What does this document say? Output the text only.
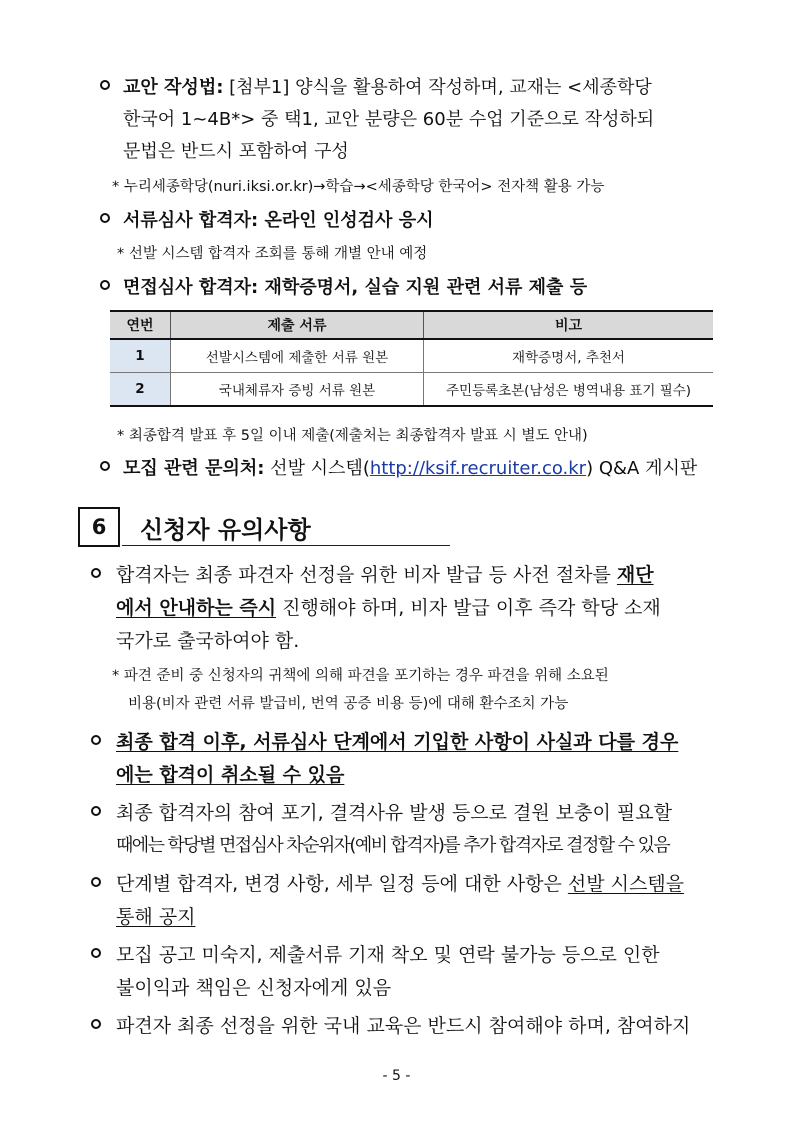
교안 작성법: [첨부1] 양식을 활용하여 작성하며, 교재는 <세종학당
한국어 1~4B*> 중 택1, 교안 분량은 60분 수업 기준으로 작성하되
문법은 반드시 포함하여 구성
* 누리세종학당(nuri.iksi.or.kr)→학습→<세종학당 한국어> 전자책 활용 가능
서류심사 합격자: 온라인 인성검사 응시
* 선발 시스템 합격자 조회를 통해 개별 안내 예정
면접심사 합격자: 재학증명서, 실습 지원 관련 서류 제출 등
연번	제출 서류	비고
1	선발시스템에 제출한 서류 원본	재학증명서, 추천서
2	국내체류자 증빙 서류 원본	주민등록초본(남성은 병역내용 표기 필수)
* 최종합격 발표 후 5일 이내 제출(제출처는 최종합격자 발표 시 별도 안내)
모집 관련 문의처: 선발 시스템(http://ksif.recruiter.co.kr) Q&A 게시판
6	신청자 유의사항
합격자는 최종 파견자 선정을 위한 비자 발급 등 사전 절차를 재단
에서 안내하는 즉시 진행해야 하며, 비자 발급 이후 즉각 학당 소재
국가로 출국하여야 함.
* 파견 준비 중 신청자의 귀책에 의해 파견을 포기하는 경우 파견을 위해 소요된
비용(비자 관련 서류 발급비, 번역 공증 비용 등)에 대해 환수조치 가능
최종 합격 이후, 서류심사 단계에서 기입한 사항이 사실과 다를 경우
에는 합격이 취소될 수 있음
최종 합격자의 참여 포기, 결격사유 발생 등으로 결원 보충이 필요할
때에는 학당별 면접심사 차순위자(예비 합격자)를 추가 합격자로 결정할 수 있음
단계별 합격자, 변경 사항, 세부 일정 등에 대한 사항은 선발 시스템을
통해 공지
모집 공고 미숙지, 제출서류 기재 착오 및 연락 불가능 등으로 인한
불이익과 책임은 신청자에게 있음
파견자 최종 선정을 위한 국내 교육은 반드시 참여해야 하며, 참여하지
- 5 -
